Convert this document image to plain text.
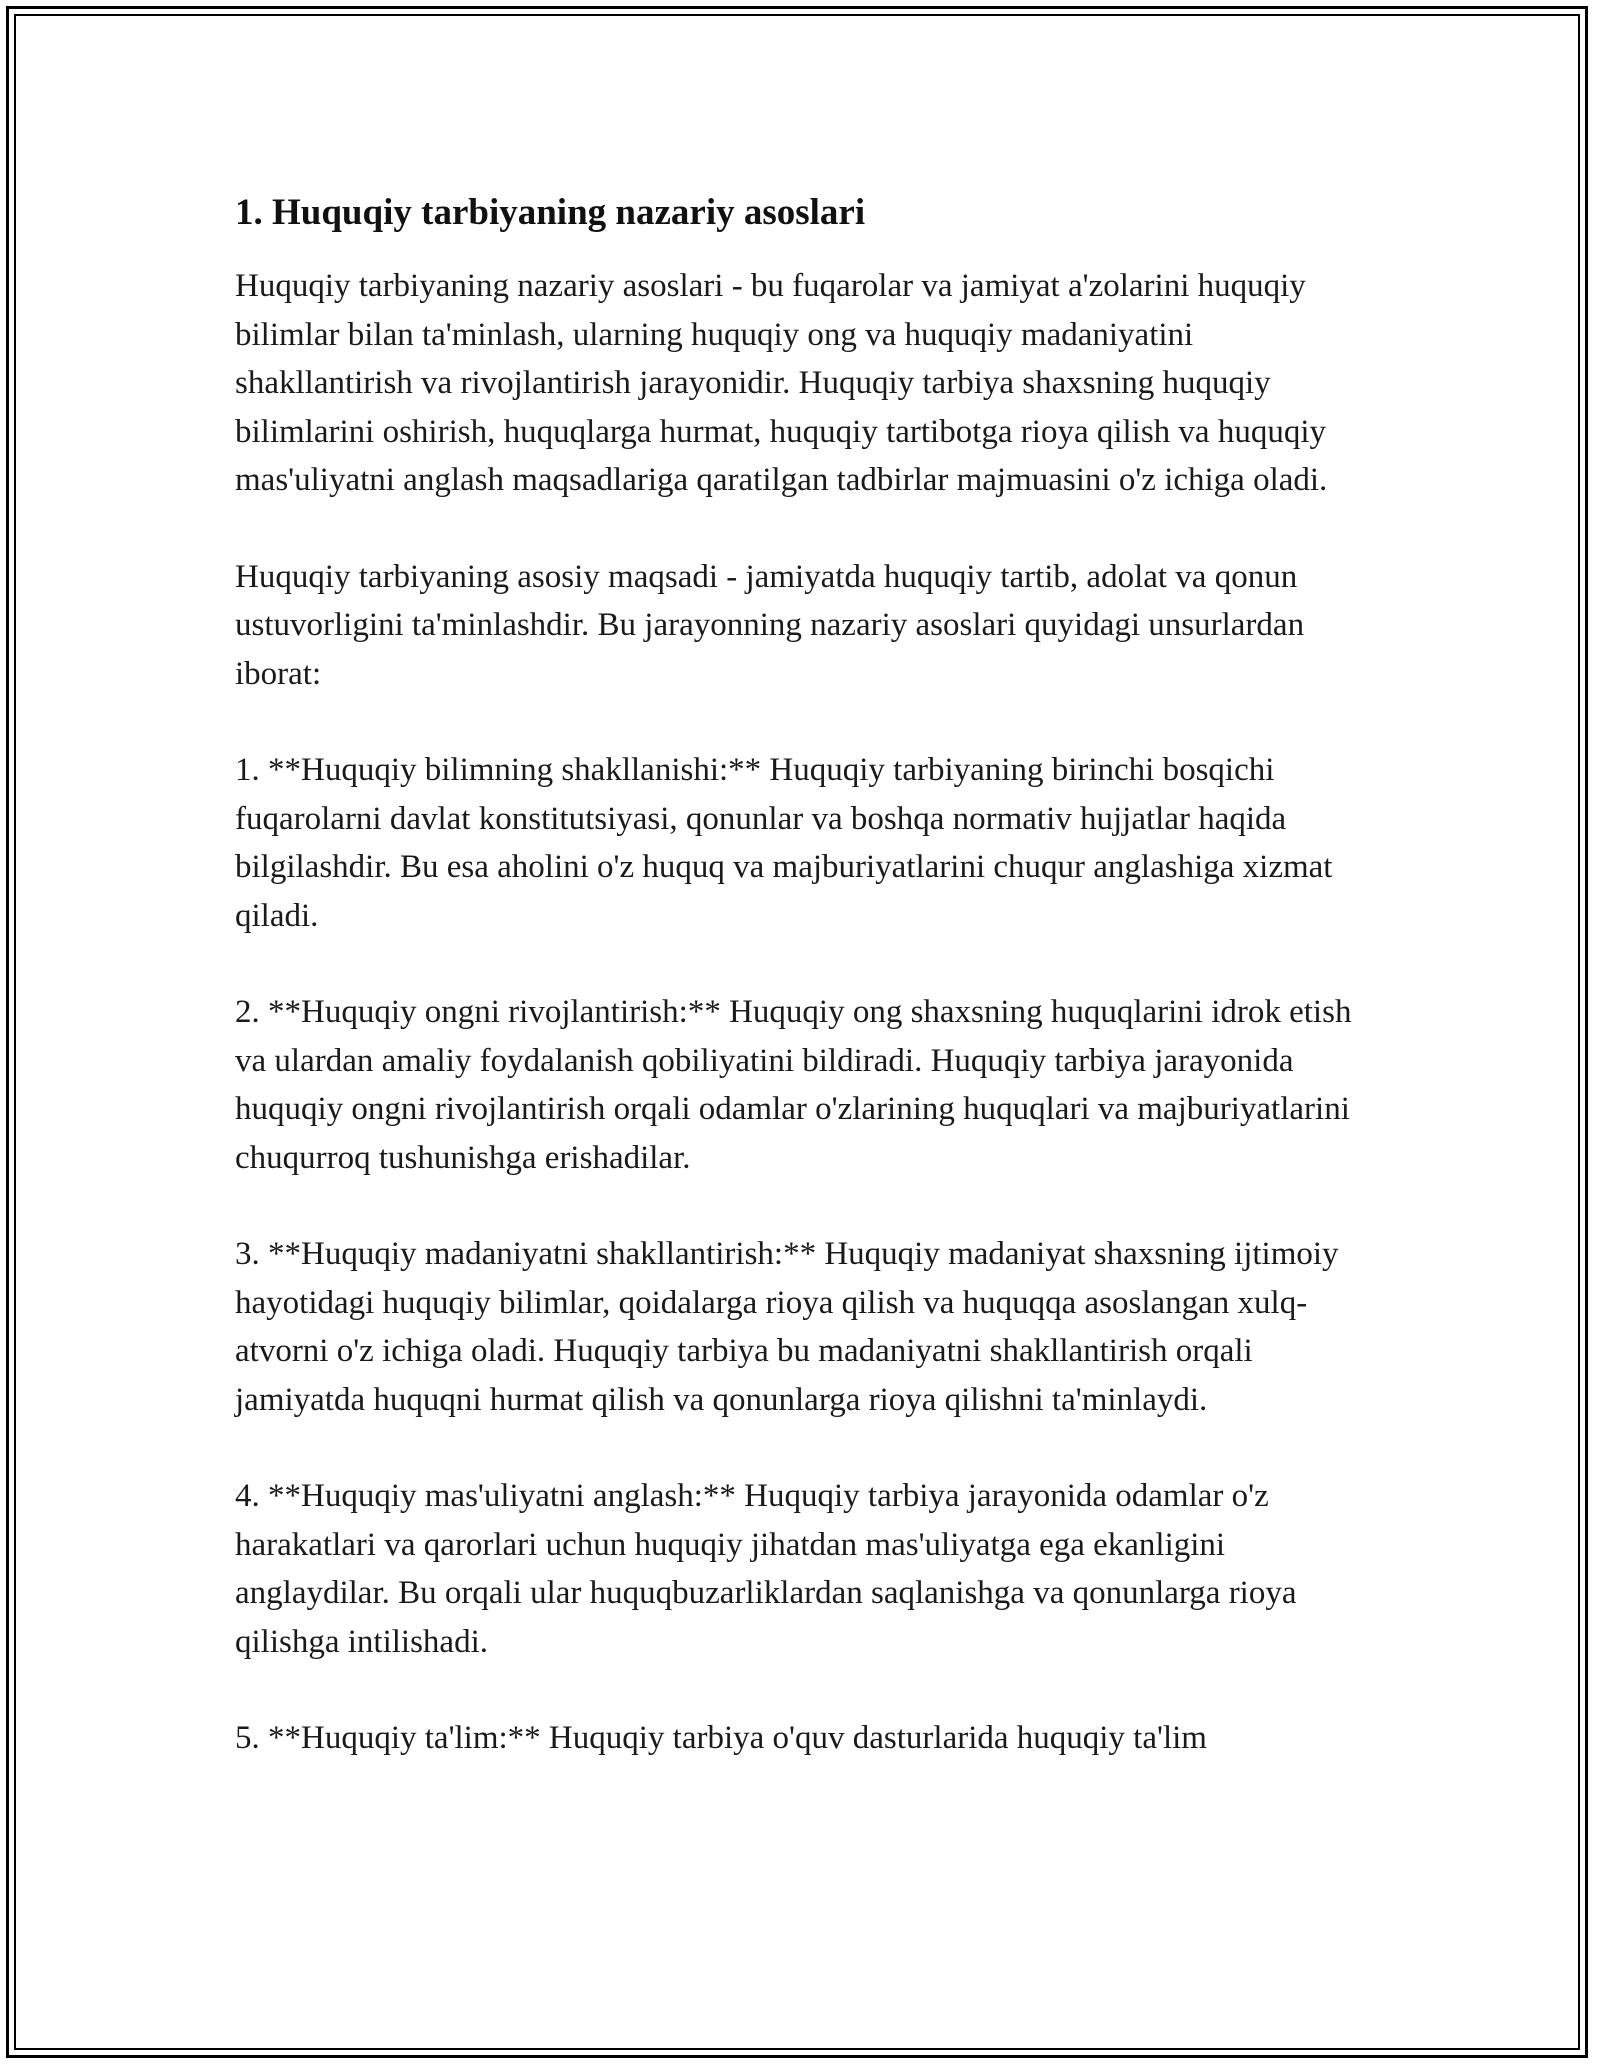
1. Huquqiy tarbiyaning nazariy asoslari

Huquqiy tarbiyaning nazariy asoslari - bu fuqarolar va jamiyat a'zolarini huquqiy bilimlar bilan ta'minlash, ularning huquqiy ong va huquqiy madaniyatini shakllantirish va rivojlantirish jarayonidir. Huquqiy tarbiya shaxsning huquqiy bilimlarini oshirish, huquqlarga hurmat, huquqiy tartibotga rioya qilish va huquqiy mas'uliyatni anglash maqsadlariga qaratilgan tadbirlar majmuasini o'z ichiga oladi.

Huquqiy tarbiyaning asosiy maqsadi - jamiyatda huquqiy tartib, adolat va qonun ustuvorligini ta'minlashdir. Bu jarayonning nazariy asoslari quyidagi unsurlardan iborat:

1. **Huquqiy bilimning shakllanishi:** Huquqiy tarbiyaning birinchi bosqichi fuqarolarni davlat konstitutsiyasi, qonunlar va boshqa normativ hujjatlar haqida bilgilashdir. Bu esa aholini o'z huquq va majburiyatlarini chuqur anglashiga xizmat qiladi.

2. **Huquqiy ongni rivojlantirish:** Huquqiy ong shaxsning huquqlarini idrok etish va ulardan amaliy foydalanish qobiliyatini bildiradi. Huquqiy tarbiya jarayonida huquqiy ongni rivojlantirish orqali odamlar o'zlarining huquqlari va majburiyatlarini chuqurroq tushunishga erishadilar.

3. **Huquqiy madaniyatni shakllantirish:** Huquqiy madaniyat shaxsning ijtimoiy hayotidagi huquqiy bilimlar, qoidalarga rioya qilish va huquqqa asoslangan xulq-atvorni o'z ichiga oladi. Huquqiy tarbiya bu madaniyatni shakllantirish orqali jamiyatda huquqni hurmat qilish va qonunlarga rioya qilishni ta'minlaydi.

4. **Huquqiy mas'uliyatni anglash:** Huquqiy tarbiya jarayonida odamlar o'z harakatlari va qarorlari uchun huquqiy jihatdan mas'uliyatga ega ekanligini anglaydilar. Bu orqali ular huquqbuzarliklardan saqlanishga va qonunlarga rioya qilishga intilishadi.

5. **Huquqiy ta'lim:** Huquqiy tarbiya o'quv dasturlarida huquqiy ta'lim
